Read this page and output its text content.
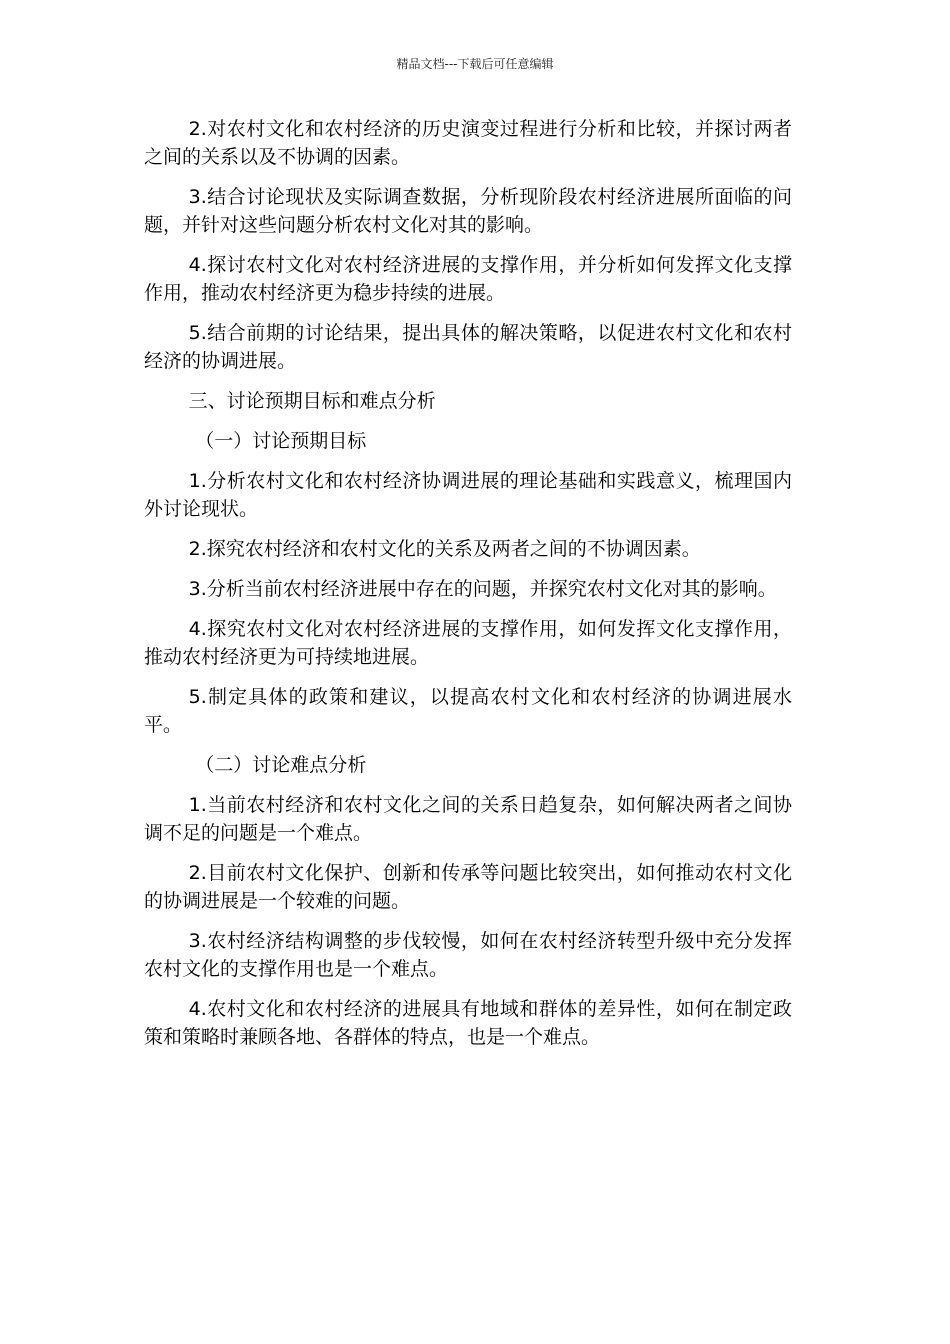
精品文档---下载后可任意编辑

2.对农村文化和农村经济的历史演变过程进行分析和比较，并探讨两者之间的关系以及不协调的因素。

3.结合讨论现状及实际调查数据，分析现阶段农村经济进展所面临的问题，并针对这些问题分析农村文化对其的影响。

4.探讨农村文化对农村经济进展的支撑作用，并分析如何发挥文化支撑作用，推动农村经济更为稳步持续的进展。

5.结合前期的讨论结果，提出具体的解决策略，以促进农村文化和农村经济的协调进展。

三、讨论预期目标和难点分析

（一）讨论预期目标

1.分析农村文化和农村经济协调进展的理论基础和实践意义，梳理国内外讨论现状。

2.探究农村经济和农村文化的关系及两者之间的不协调因素。

3.分析当前农村经济进展中存在的问题，并探究农村文化对其的影响。

4.探究农村文化对农村经济进展的支撑作用，如何发挥文化支撑作用，推动农村经济更为可持续地进展。

5.制定具体的政策和建议，以提高农村文化和农村经济的协调进展水平。

（二）讨论难点分析

1.当前农村经济和农村文化之间的关系日趋复杂，如何解决两者之间协调不足的问题是一个难点。

2.目前农村文化保护、创新和传承等问题比较突出，如何推动农村文化的协调进展是一个较难的问题。

3.农村经济结构调整的步伐较慢，如何在农村经济转型升级中充分发挥农村文化的支撑作用也是一个难点。

4.农村文化和农村经济的进展具有地域和群体的差异性，如何在制定政策和策略时兼顾各地、各群体的特点，也是一个难点。
